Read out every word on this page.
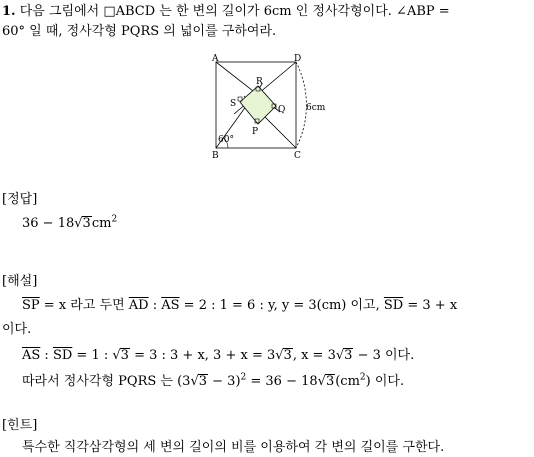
1. 다음 그림에서 □ABCD 는 한 변의 길이가 6cm 인 정사각형이다. ∠ABP =
60° 일 때, 정사각형 PQRS 의 넓이를 구하여라.
A	D
B	C
R
S
Q
P
60°
6cm
[정답]
$36 - 18√3cm^2$
[해설]
$\overline{SP} = x$ 라고 두면 $\overline{AD}$ : $\overline{AS} = 2$ : 1 = 6 : y, y = 3(cm) 이고, $\overline{SD} = 3 + x$
이다.
$\overline{AS}$ : $\overline{SD} = 1$ : √3 = 3 : 3 + x, 3 + x = 3√3, x = 3√3 − 3 이다.
따라서 정사각형 PQRS 는 $(3√3 - 3)^2 = 36 - 18√3(cm^2)$ 이다.
[힌트]
특수한 직각삼각형의 세 변의 길이의 비를 이용하여 각 변의 길이를 구한다.
